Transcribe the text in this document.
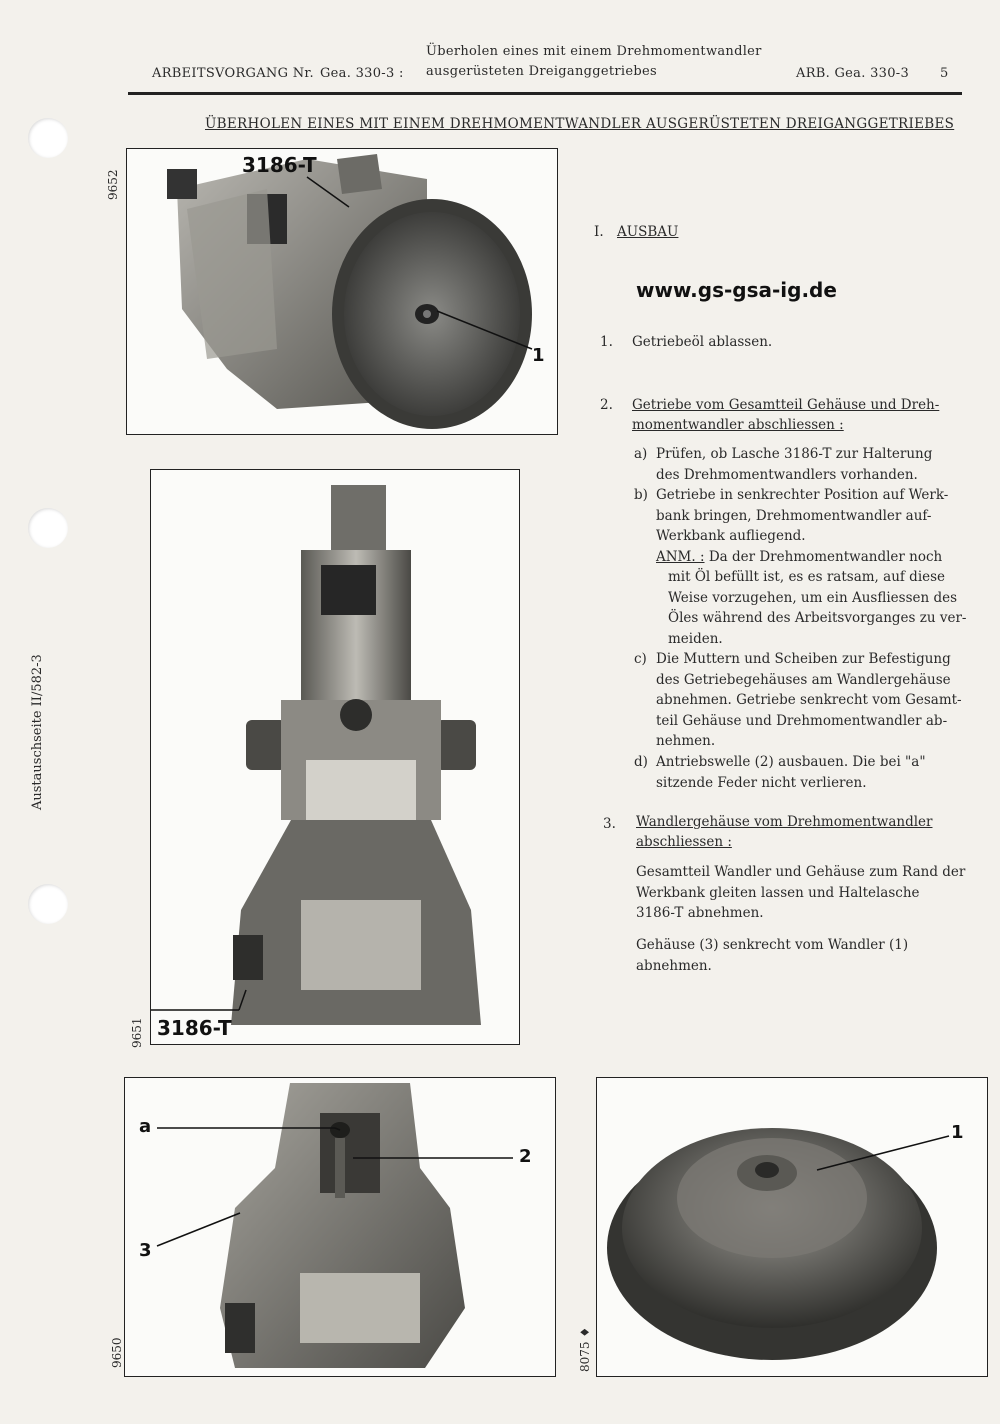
ARBEITSVORGANG Nr. Gea. 330-3 :
Überholen eines mit einem Drehmomentwandler
ausgerüsteten Dreiganggetriebes	ARB. Gea. 330-3 5
ÜBERHOLEN EINES MIT EINEM DREHMOMENTWANDLER AUSGERÜSTETEN DREIGANGGETRIEBES
Austauschseite II/582-3
9652
3186-T
1
9651 3186-T
9650
a
2
3
8075 ♦
1
I. AUSBAU
www.gs-gsa-ig.de
1. Getriebeöl ablassen.
2. Getriebe vom Gesamtteil Gehäuse und Dreh-
momentwandler abschliessen :
a) Prüfen, ob Lasche 3186-T zur Halterung
des Drehmomentwandlers vorhanden.
b) Getriebe in senkrechter Position auf Werk-
bank bringen, Drehmomentwandler auf-
Werkbank aufliegend.
ANM. : Da der Drehmomentwandler noch
mit Öl befüllt ist, es es ratsam, auf diese
Weise vorzugehen, um ein Ausfliessen des
Öles während des Arbeitsvorganges zu ver-
meiden.
c) Die Muttern und Scheiben zur Befestigung
des Getriebegehäuses am Wandlergehäuse
abnehmen. Getriebe senkrecht vom Gesamt-
teil Gehäuse und Drehmomentwandler ab-
nehmen.
d) Antriebswelle (2) ausbauen. Die bei "a"
sitzende Feder nicht verlieren.
3. Wandlergehäuse vom Drehmomentwandler
abschliessen :
Gesamtteil Wandler und Gehäuse zum Rand der
Werkbank gleiten lassen und Haltelasche
3186-T abnehmen.
Gehäuse (3) senkrecht vom Wandler (1)
abnehmen.
